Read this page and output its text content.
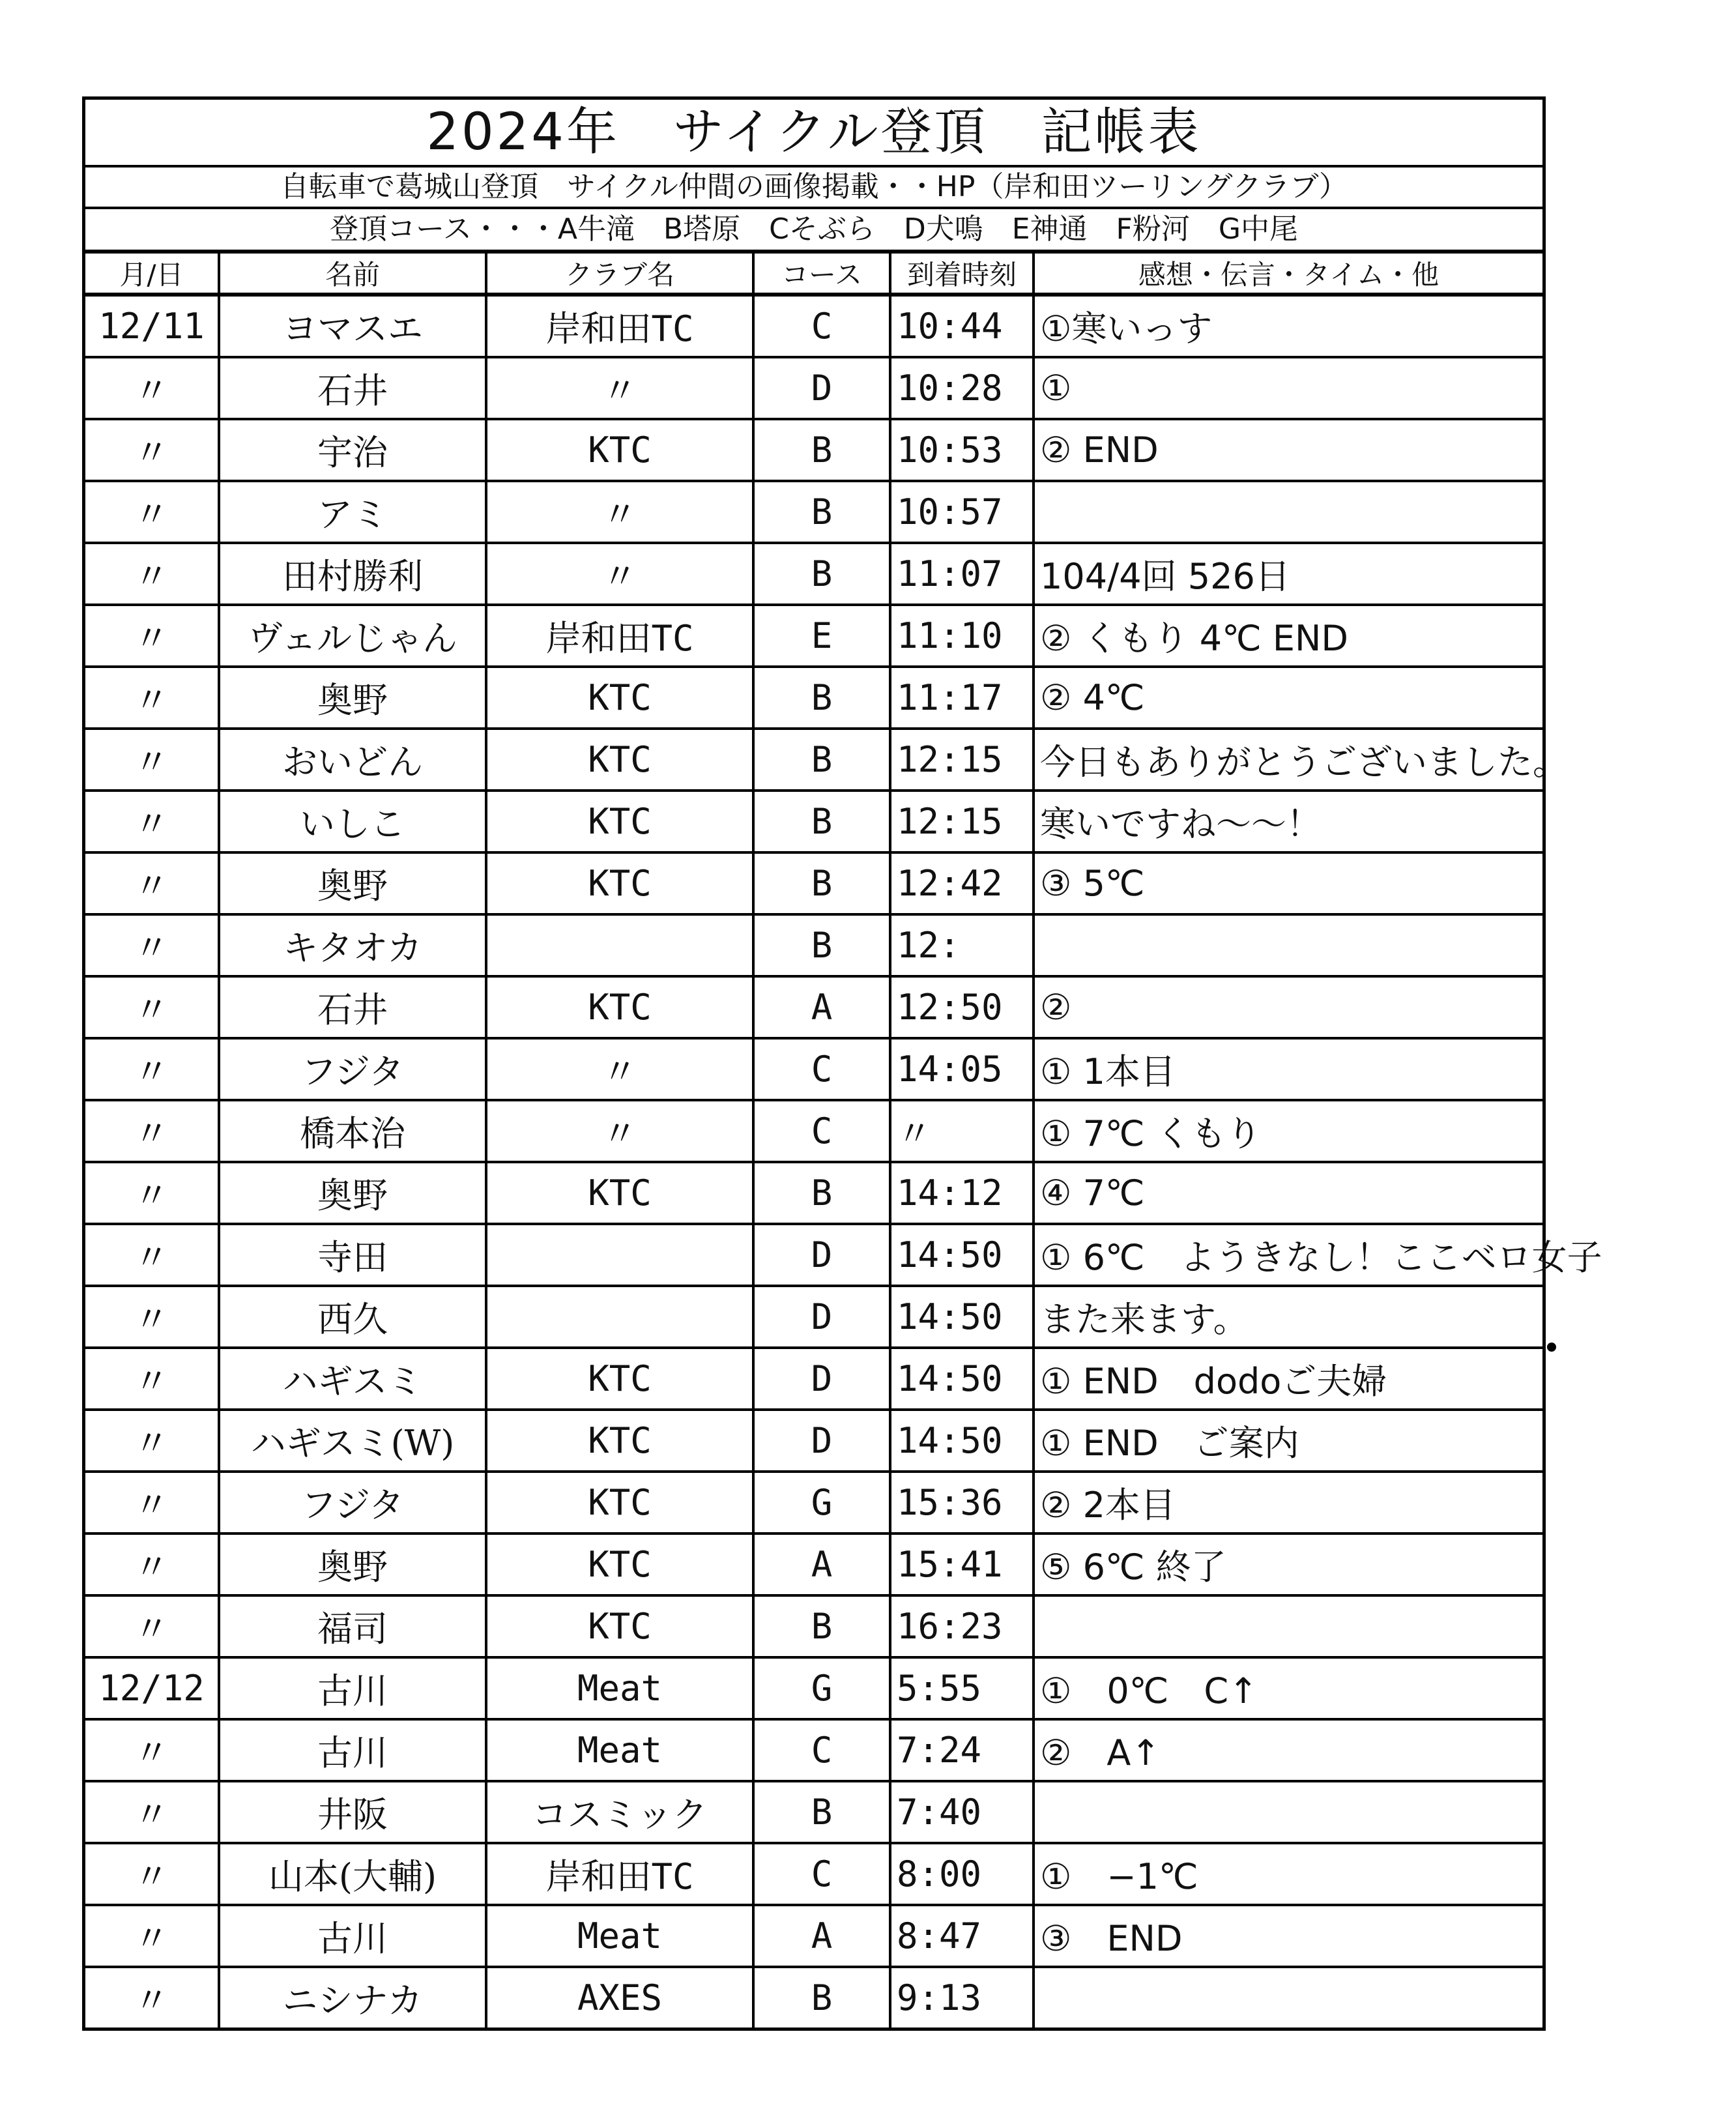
2024年　サイクル登頂　記帳表
自転車で葛城山登頂　サイクル仲間の画像掲載・・HP（岸和田ツーリングクラブ）
登頂コース・・・A牛滝　B塔原　Cそぶら　D犬鳴　E神通　F粉河　G中尾
月/日	名前	クラブ名	コース	到着時刻	感想・伝言・タイム・他
12/11	ヨマスエ	岸和田TC	C	10:44	①寒いっす
〃	石井	〃	D	10:28	①
〃	宇治	KTC	B	10:53	② END
〃	アミ	〃	B	10:57	
〃	田村勝利	〃	B	11:07	104/4回 526日
〃	ヴェルじゃん	岸和田TC	E	11:10	② くもり 4℃ END
〃	奥野	KTC	B	11:17	② 4℃
〃	おいどん	KTC	B	12:15	今日もありがとうございました。
〃	いしこ	KTC	B	12:15	寒いですね〜〜！
〃	奥野	KTC	B	12:42	③ 5℃
〃	キタオカ		B	12:	
〃	石井	KTC	A	12:50	②
〃	フジタ	〃	C	14:05	① 1本目
〃	橋本治	〃	C	〃	① 7℃ くもり
〃	奥野	KTC	B	14:12	④ 7℃
〃	寺田		D	14:50	① 6℃　ようきなし！ここベロ女子
〃	西久		D	14:50	また来ます。
〃	ハギスミ	KTC	D	14:50	① END　dodoご夫婦
〃	ハギスミ(W)	KTC	D	14:50	① END　ご案内
〃	フジタ	KTC	G	15:36	② 2本目
〃	奥野	KTC	A	15:41	⑤ 6℃ 終了
〃	福司	KTC	B	16:23	
12/12	古川	Meat	G	5:55	①　0℃　C↑
〃	古川	Meat	C	7:24	②　A↑
〃	井阪	コスミック	B	7:40	
〃	山本(大輔)	岸和田TC	C	8:00	①　−1℃
〃	古川	Meat	A	8:47	③　END
〃	ニシナカ	AXES	B	9:13	
